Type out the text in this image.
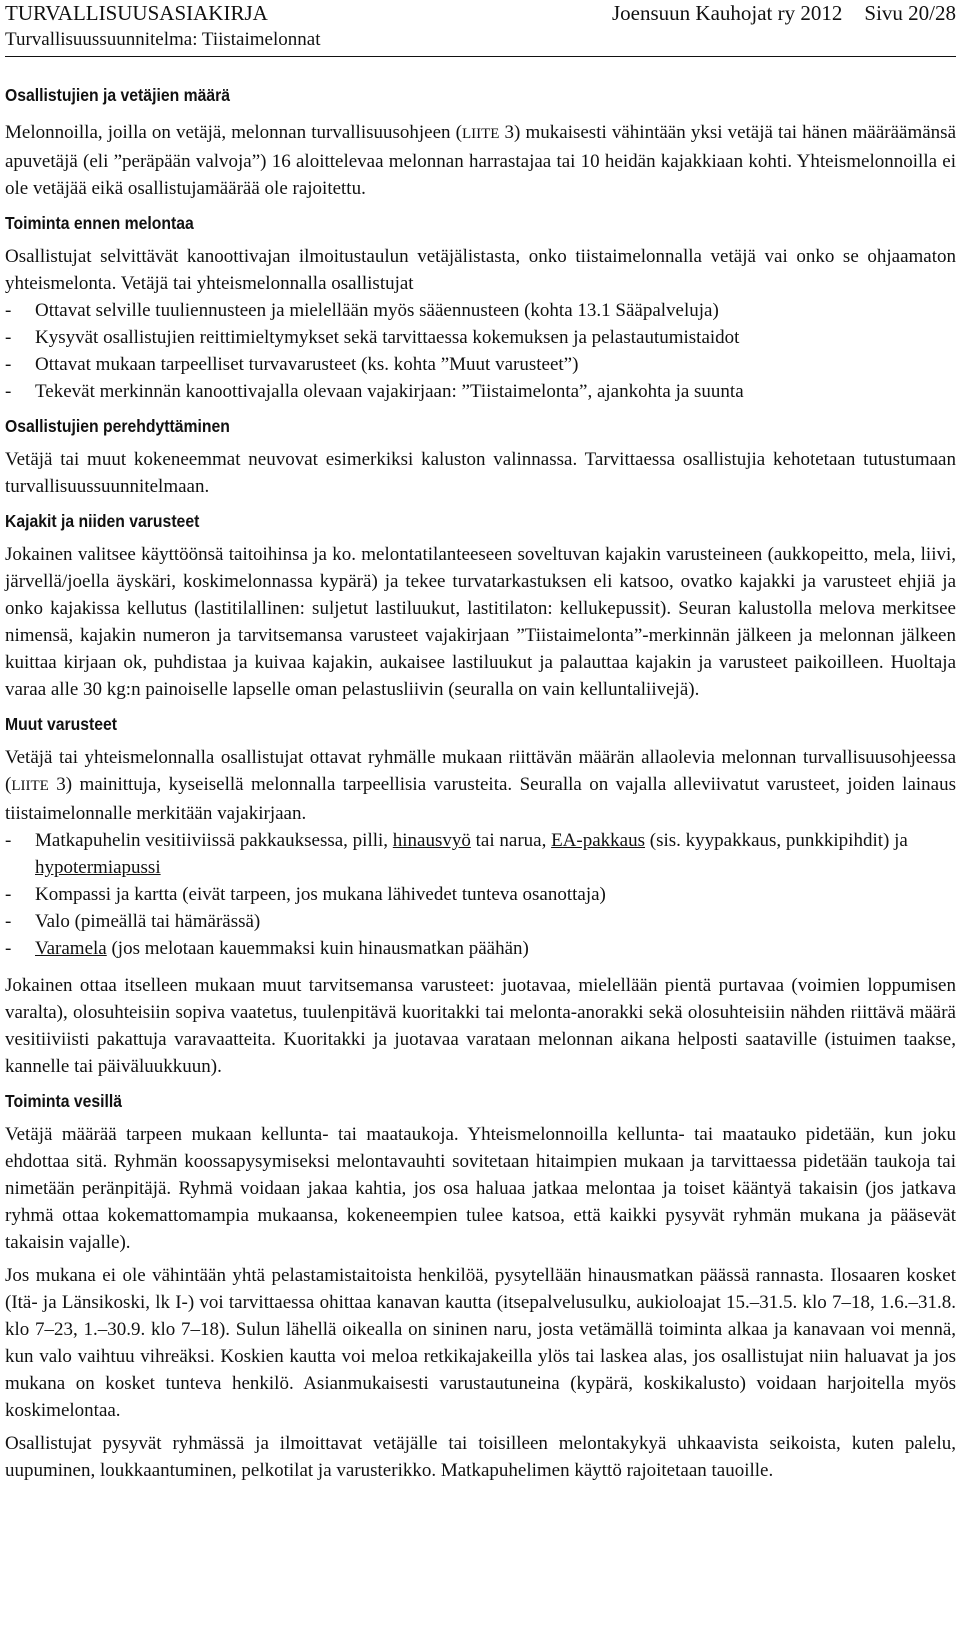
TURVALLISUUSASIAKIRJA	Joensuun Kauhojat ry 2012 Sivu 20/28
Turvallisuussuunnitelma: Tiistaimelonnat
Osallistujien ja vetäjien määrä

Melonnoilla, joilla on vetäjä, melonnan turvallisuusohjeen (LIITE 3) mukaisesti vähintään yksi vetäjä tai hänen määräämänsä apuvetäjä (eli ”peräpään valvoja”) 16 aloittelevaa melonnan harrastajaa tai 10 heidän kajakkiaan kohti. Yhteismelonnoilla ei ole vetäjää eikä osallistujamäärää ole rajoitettu.

Toiminta ennen melontaa

Osallistujat selvittävät kanoottivajan ilmoitustaulun vetäjälistasta, onko tiistaimelonnalla vetäjä vai onko se ohjaamaton yhteismelonta. Vetäjä tai yhteismelonnalla osallistujat

- Ottavat selville tuuliennusteen ja mielellään myös sääennusteen (kohta 13.1 Sääpalveluja)
- Kysyvät osallistujien reittimieltymykset sekä tarvittaessa kokemuksen ja pelastautumistaidot
- Ottavat mukaan tarpeelliset turvavarusteet (ks. kohta ”Muut varusteet”)
- Tekevät merkinnän kanoottivajalla olevaan vajakirjaan: ”Tiistaimelonta”, ajankohta ja suunta
Osallistujien perehdyttäminen

Vetäjä tai muut kokeneemmat neuvovat esimerkiksi kaluston valinnassa. Tarvittaessa osallistujia kehotetaan tutustumaan turvallisuussuunnitelmaan.

Kajakit ja niiden varusteet

Jokainen valitsee käyttöönsä taitoihinsa ja ko. melontatilanteeseen soveltuvan kajakin varusteineen (aukkopeitto, mela, liivi, järvellä/joella äyskäri, koskimelonnassa kypärä) ja tekee turvatarkastuksen eli katsoo, ovatko kajakki ja varusteet ehjiä ja onko kajakissa kellutus (lastitilallinen: suljetut lastiluukut, lastitilaton: kellukepussit). Seuran kalustolla melova merkitsee nimensä, kajakin numeron ja tarvitsemansa varusteet vajakirjaan ”Tiistaimelonta”-merkinnän jälkeen ja melonnan jälkeen kuittaa kirjaan ok, puhdistaa ja kuivaa kajakin, aukaisee lastiluukut ja palauttaa kajakin ja varusteet paikoilleen. Huoltaja varaa alle 30 kg:n painoiselle lapselle oman pelastusliivin (seuralla on vain kelluntaliivejä).

Muut varusteet

Vetäjä tai yhteismelonnalla osallistujat ottavat ryhmälle mukaan riittävän määrän allaolevia melonnan turvallisuusohjeessa (LIITE 3) mainittuja, kyseisellä melonnalla tarpeellisia varusteita. Seuralla on vajalla alleviivatut varusteet, joiden lainaus tiistaimelonnalle merkitään vajakirjaan.

- Matkapuhelin vesitiiviissä pakkauksessa, pilli, hinausvyö tai narua, EA-pakkaus (sis. kyypakkaus, punkkipihdit) ja hypotermiapussi
- Kompassi ja kartta (eivät tarpeen, jos mukana lähivedet tunteva osanottaja)
- Valo (pimeällä tai hämärässä)
- Varamela (jos melotaan kauemmaksi kuin hinausmatkan päähän)

Jokainen ottaa itselleen mukaan muut tarvitsemansa varusteet: juotavaa, mielellään pientä purtavaa (voimien loppumisen varalta), olosuhteisiin sopiva vaatetus, tuulenpitävä kuoritakki tai melonta-anorakki sekä olosuhteisiin nähden riittävä määrä vesitiiviisti pakattuja varavaatteita. Kuoritakki ja juotavaa varataan melonnan aikana helposti saataville (istuimen taakse, kannelle tai päiväluukkuun).

Toiminta vesillä

Vetäjä määrää tarpeen mukaan kellunta- tai maataukoja. Yhteismelonnoilla kellunta- tai maatauko pidetään, kun joku ehdottaa sitä. Ryhmän koossapysymiseksi melontavauhti sovitetaan hitaimpien mukaan ja tarvittaessa pidetään taukoja tai nimetään peränpitäjä. Ryhmä voidaan jakaa kahtia, jos osa haluaa jatkaa melontaa ja toiset kääntyä takaisin (jos jatkava ryhmä ottaa kokemattomampia mukaansa, kokeneempien tulee katsoa, että kaikki pysyvät ryhmän mukana ja pääsevät takaisin vajalle).

Jos mukana ei ole vähintään yhtä pelastamistaitoista henkilöä, pysytellään hinausmatkan päässä rannasta. Ilosaaren kosket (Itä- ja Länsikoski, lk I-) voi tarvittaessa ohittaa kanavan kautta (itsepalvelusulku, aukioloajat 15.–31.5. klo 7–18, 1.6.–31.8. klo 7–23, 1.–30.9. klo 7–18). Sulun lähellä oikealla on sininen naru, josta vetämällä toiminta alkaa ja kanavaan voi mennä, kun valo vaihtuu vihreäksi. Koskien kautta voi meloa retkikajakeilla ylös tai laskea alas, jos osallistujat niin haluavat ja jos mukana on kosket tunteva henkilö. Asianmukaisesti varustautuneina (kypärä, koskikalusto) voidaan harjoitella myös koskimelontaa.

Osallistujat pysyvät ryhmässä ja ilmoittavat vetäjälle tai toisilleen melontakykyä uhkaavista seikoista, kuten palelu, uupuminen, loukkaantuminen, pelkotilat ja varusterikko. Matkapuhelimen käyttö rajoitetaan tauoille.
